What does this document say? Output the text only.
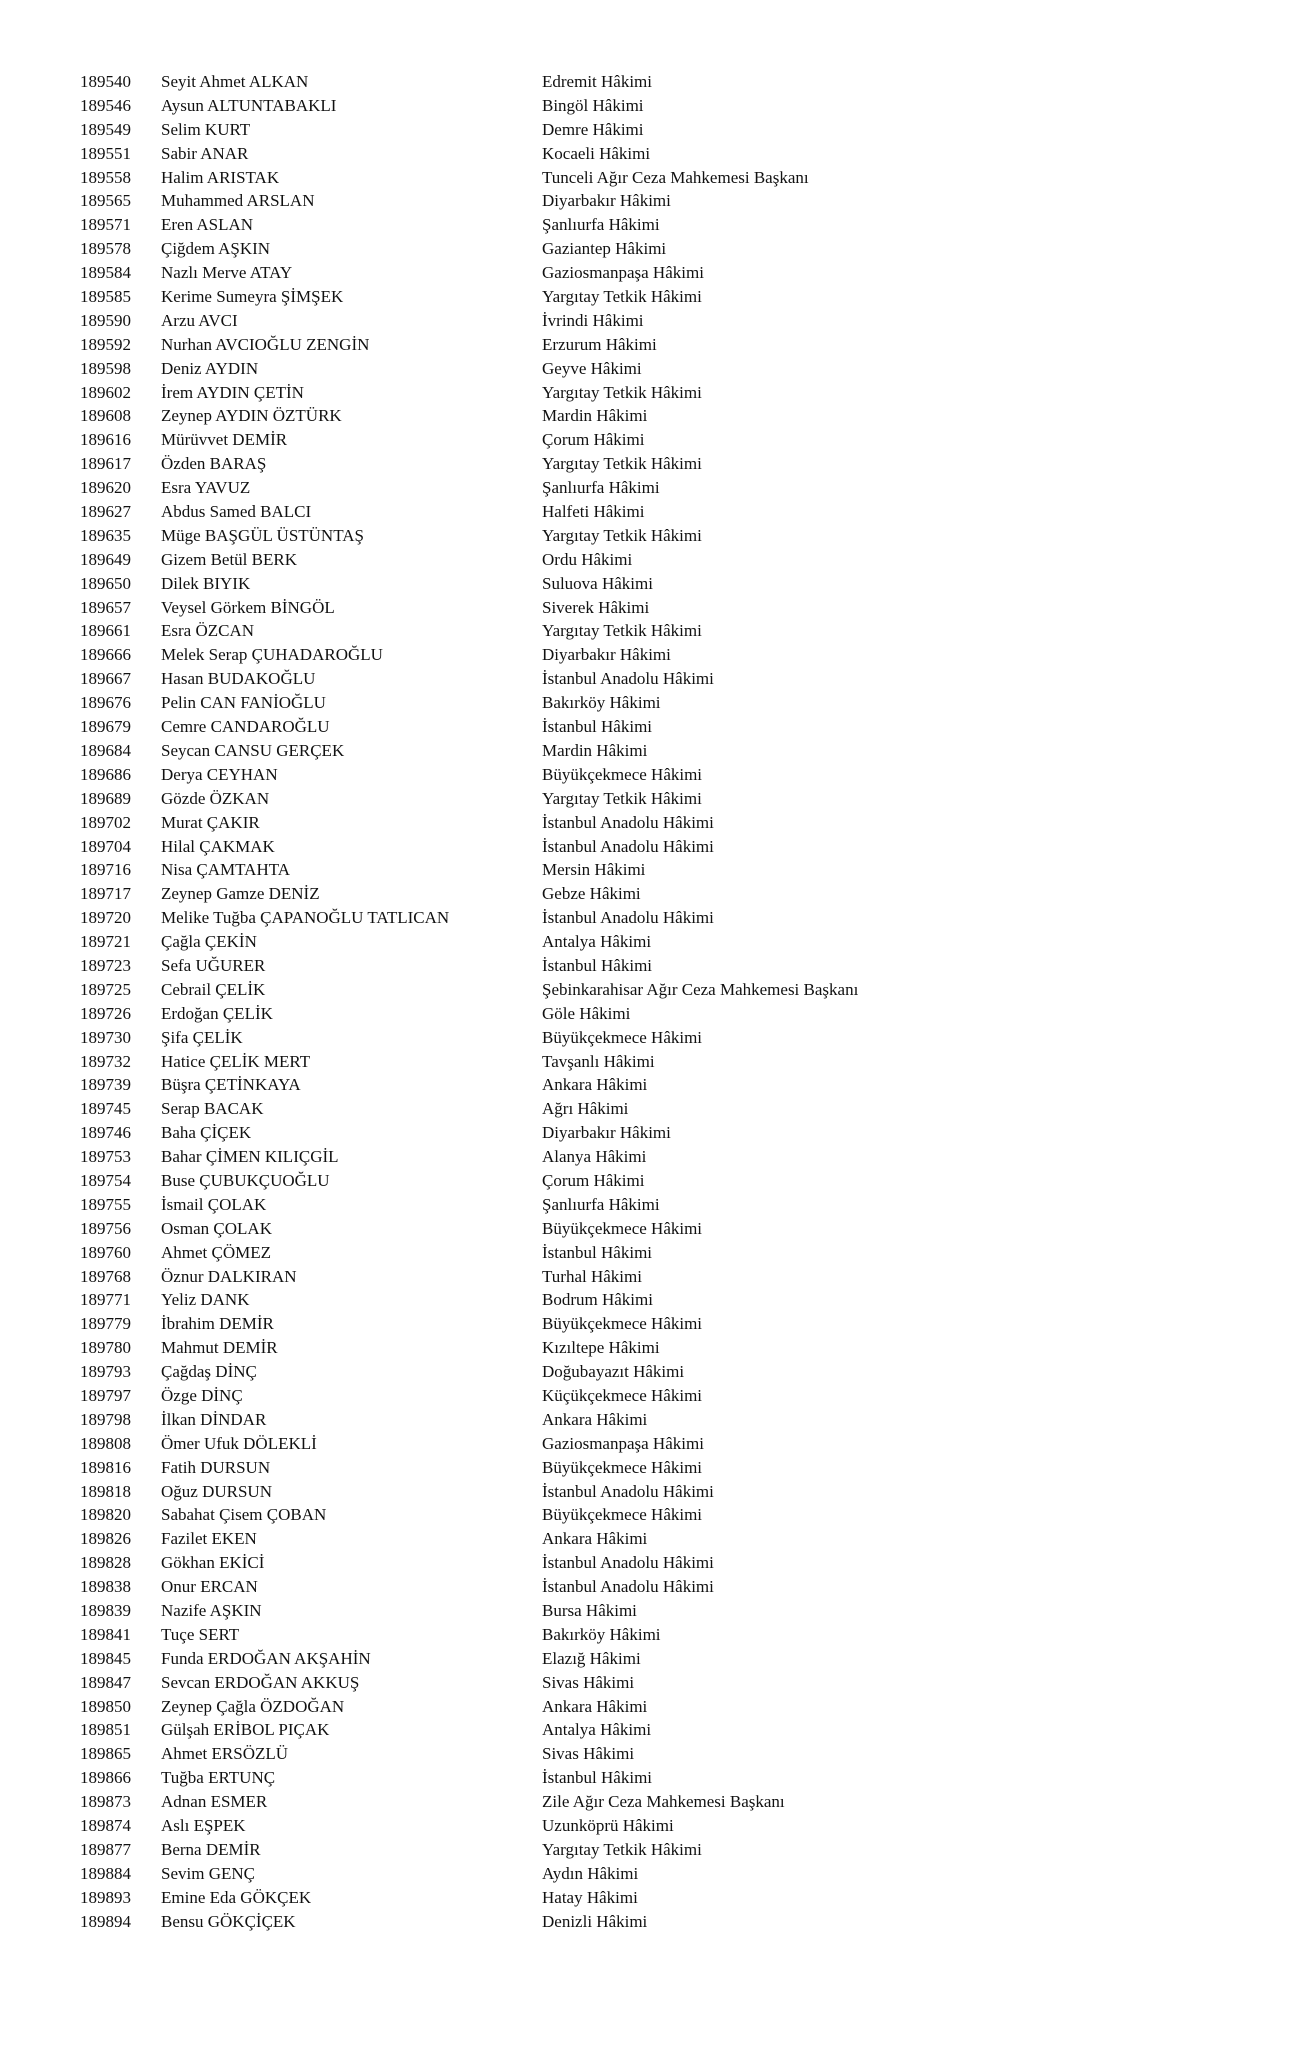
189540 Seyit Ahmet ALKAN	Edremit Hâkimi
189546 Aysun ALTUNTABAKLI	Bingöl Hâkimi
189549 Selim KURT	Demre Hâkimi
189551 Sabir ANAR	Kocaeli Hâkimi
189558 Halim ARISTAK	Tunceli Ağır Ceza Mahkemesi Başkanı
189565 Muhammed ARSLAN	Diyarbakır Hâkimi
189571 Eren ASLAN	Şanlıurfa Hâkimi
189578 Çiğdem AŞKIN	Gaziantep Hâkimi
189584 Nazlı Merve ATAY	Gaziosmanpaşa Hâkimi
189585 Kerime Sumeyra ŞİMŞEK	Yargıtay Tetkik Hâkimi
189590 Arzu AVCI	İvrindi Hâkimi
189592 Nurhan AVCIOĞLU ZENGİN	Erzurum Hâkimi
189598 Deniz AYDIN	Geyve Hâkimi
189602 İrem AYDIN ÇETİN	Yargıtay Tetkik Hâkimi
189608 Zeynep AYDIN ÖZTÜRK	Mardin Hâkimi
189616 Mürüvvet DEMİR	Çorum Hâkimi
189617 Özden BARAŞ	Yargıtay Tetkik Hâkimi
189620 Esra YAVUZ	Şanlıurfa Hâkimi
189627 Abdus Samed BALCI	Halfeti Hâkimi
189635 Müge BAŞGÜL ÜSTÜNTAŞ	Yargıtay Tetkik Hâkimi
189649 Gizem Betül BERK	Ordu Hâkimi
189650 Dilek BIYIK	Suluova Hâkimi
189657 Veysel Görkem BİNGÖL	Siverek Hâkimi
189661 Esra ÖZCAN	Yargıtay Tetkik Hâkimi
189666 Melek Serap ÇUHADAROĞLU	Diyarbakır Hâkimi
189667 Hasan BUDAKOĞLU	İstanbul Anadolu Hâkimi
189676 Pelin CAN FANİOĞLU	Bakırköy Hâkimi
189679 Cemre CANDAROĞLU	İstanbul Hâkimi
189684 Seycan CANSU GERÇEK	Mardin Hâkimi
189686 Derya CEYHAN	Büyükçekmece Hâkimi
189689 Gözde ÖZKAN	Yargıtay Tetkik Hâkimi
189702 Murat ÇAKIR	İstanbul Anadolu Hâkimi
189704 Hilal ÇAKMAK	İstanbul Anadolu Hâkimi
189716 Nisa ÇAMTAHTA	Mersin Hâkimi
189717 Zeynep Gamze DENİZ	Gebze Hâkimi
189720 Melike Tuğba ÇAPANOĞLU TATLICAN	İstanbul Anadolu Hâkimi
189721 Çağla ÇEKİN	Antalya Hâkimi
189723 Sefa UĞURER	İstanbul Hâkimi
189725 Cebrail ÇELİK	Şebinkarahisar Ağır Ceza Mahkemesi Başkanı
189726 Erdoğan ÇELİK	Göle Hâkimi
189730 Şifa ÇELİK	Büyükçekmece Hâkimi
189732 Hatice ÇELİK MERT	Tavşanlı Hâkimi
189739 Büşra ÇETİNKAYA	Ankara Hâkimi
189745 Serap BACAK	Ağrı Hâkimi
189746 Baha ÇİÇEK	Diyarbakır Hâkimi
189753 Bahar ÇİMEN KILIÇGİL	Alanya Hâkimi
189754 Buse ÇUBUKÇUOĞLU	Çorum Hâkimi
189755 İsmail ÇOLAK	Şanlıurfa Hâkimi
189756 Osman ÇOLAK	Büyükçekmece Hâkimi
189760 Ahmet ÇÖMEZ	İstanbul Hâkimi
189768 Öznur DALKIRAN	Turhal Hâkimi
189771 Yeliz DANK	Bodrum Hâkimi
189779 İbrahim DEMİR	Büyükçekmece Hâkimi
189780 Mahmut DEMİR	Kızıltepe Hâkimi
189793 Çağdaş DİNÇ	Doğubayazıt Hâkimi
189797 Özge DİNÇ	Küçükçekmece Hâkimi
189798 İlkan DİNDAR	Ankara Hâkimi
189808 Ömer Ufuk DÖLEKLİ	Gaziosmanpaşa Hâkimi
189816 Fatih DURSUN	Büyükçekmece Hâkimi
189818 Oğuz DURSUN	İstanbul Anadolu Hâkimi
189820 Sabahat Çisem ÇOBAN	Büyükçekmece Hâkimi
189826 Fazilet EKEN	Ankara Hâkimi
189828 Gökhan EKİCİ	İstanbul Anadolu Hâkimi
189838 Onur ERCAN	İstanbul Anadolu Hâkimi
189839 Nazife AŞKIN	Bursa Hâkimi
189841 Tuçe SERT	Bakırköy Hâkimi
189845 Funda ERDOĞAN AKŞAHİN	Elazığ Hâkimi
189847 Sevcan ERDOĞAN AKKUŞ	Sivas Hâkimi
189850 Zeynep Çağla ÖZDOĞAN	Ankara Hâkimi
189851 Gülşah ERİBOL PIÇAK	Antalya Hâkimi
189865 Ahmet ERSÖZLÜ	Sivas Hâkimi
189866 Tuğba ERTUNÇ	İstanbul Hâkimi
189873 Adnan ESMER	Zile Ağır Ceza Mahkemesi Başkanı
189874 Aslı EŞPEK	Uzunköprü Hâkimi
189877 Berna DEMİR	Yargıtay Tetkik Hâkimi
189884 Sevim GENÇ	Aydın Hâkimi
189893 Emine Eda GÖKÇEK	Hatay Hâkimi
189894 Bensu GÖKÇİÇEK	Denizli Hâkimi
